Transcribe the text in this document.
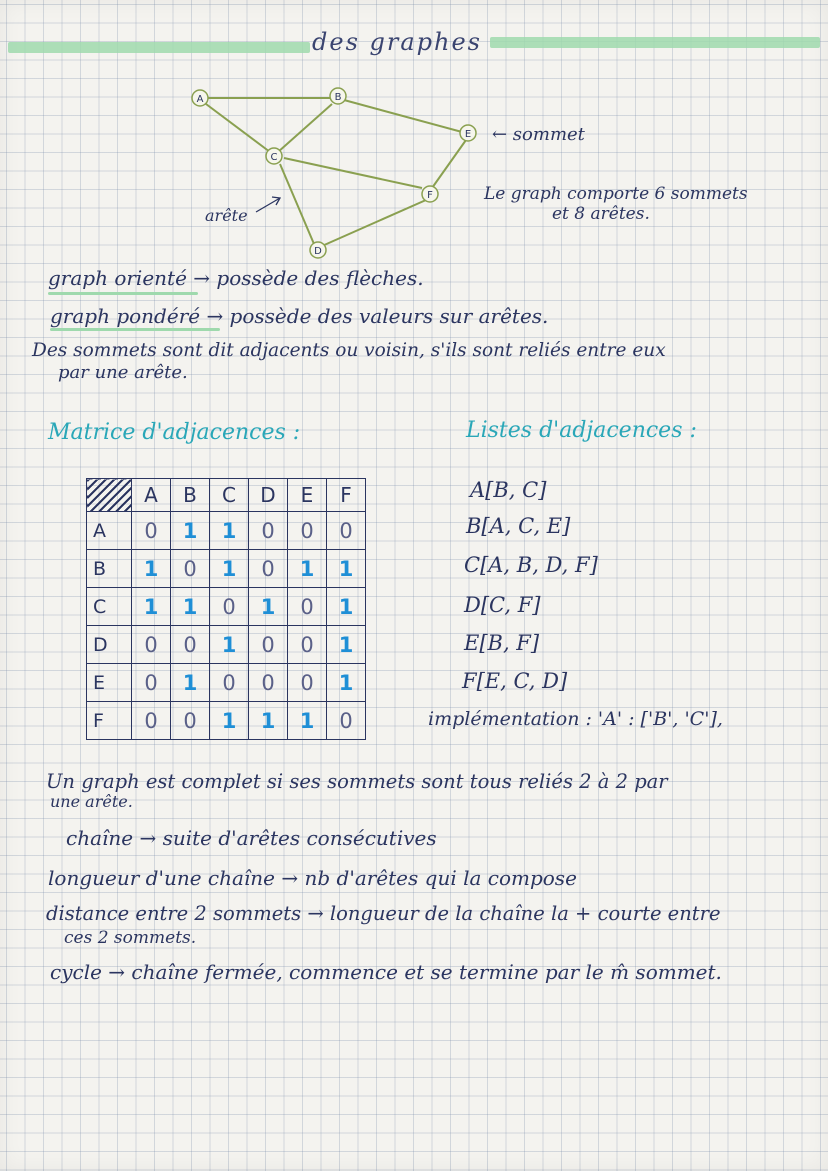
des graphes
A	B
C
D
E
F
← sommet
arête
Le graph comporte 6 sommets
et 8 arêtes.
graph orienté → possède des flèches.
graph pondéré → possède des valeurs sur arêtes.
Des sommets sont dit adjacents ou voisin, s'ils sont reliés entre eux
par une arête.
Matrice d'adjacences :	Listes d'adjacences :
	A	B	C	D	E	F
A	0	1	1	0	0	0
B	1	0	1	0	1	1
C	1	1	0	1	0	1
D	0	0	1	0	0	1
E	0	1	0	0	0	1
F	0	0	1	1	1	0
A[B, C]
B[A, C, E]
C[A, B, D, F]
D[C, F]
E[B, F]
F[E, C, D]
implémentation : 'A' : ['B', 'C'],
Un graph est complet si ses sommets sont tous reliés 2 à 2 par
une arête.
chaîne → suite d'arêtes consécutives
longueur d'une chaîne → nb d'arêtes qui la compose
distance entre 2 sommets → longueur de la chaîne la + courte entre
ces 2 sommets.
cycle → chaîne fermée, commence et se termine par le m̂ sommet.
